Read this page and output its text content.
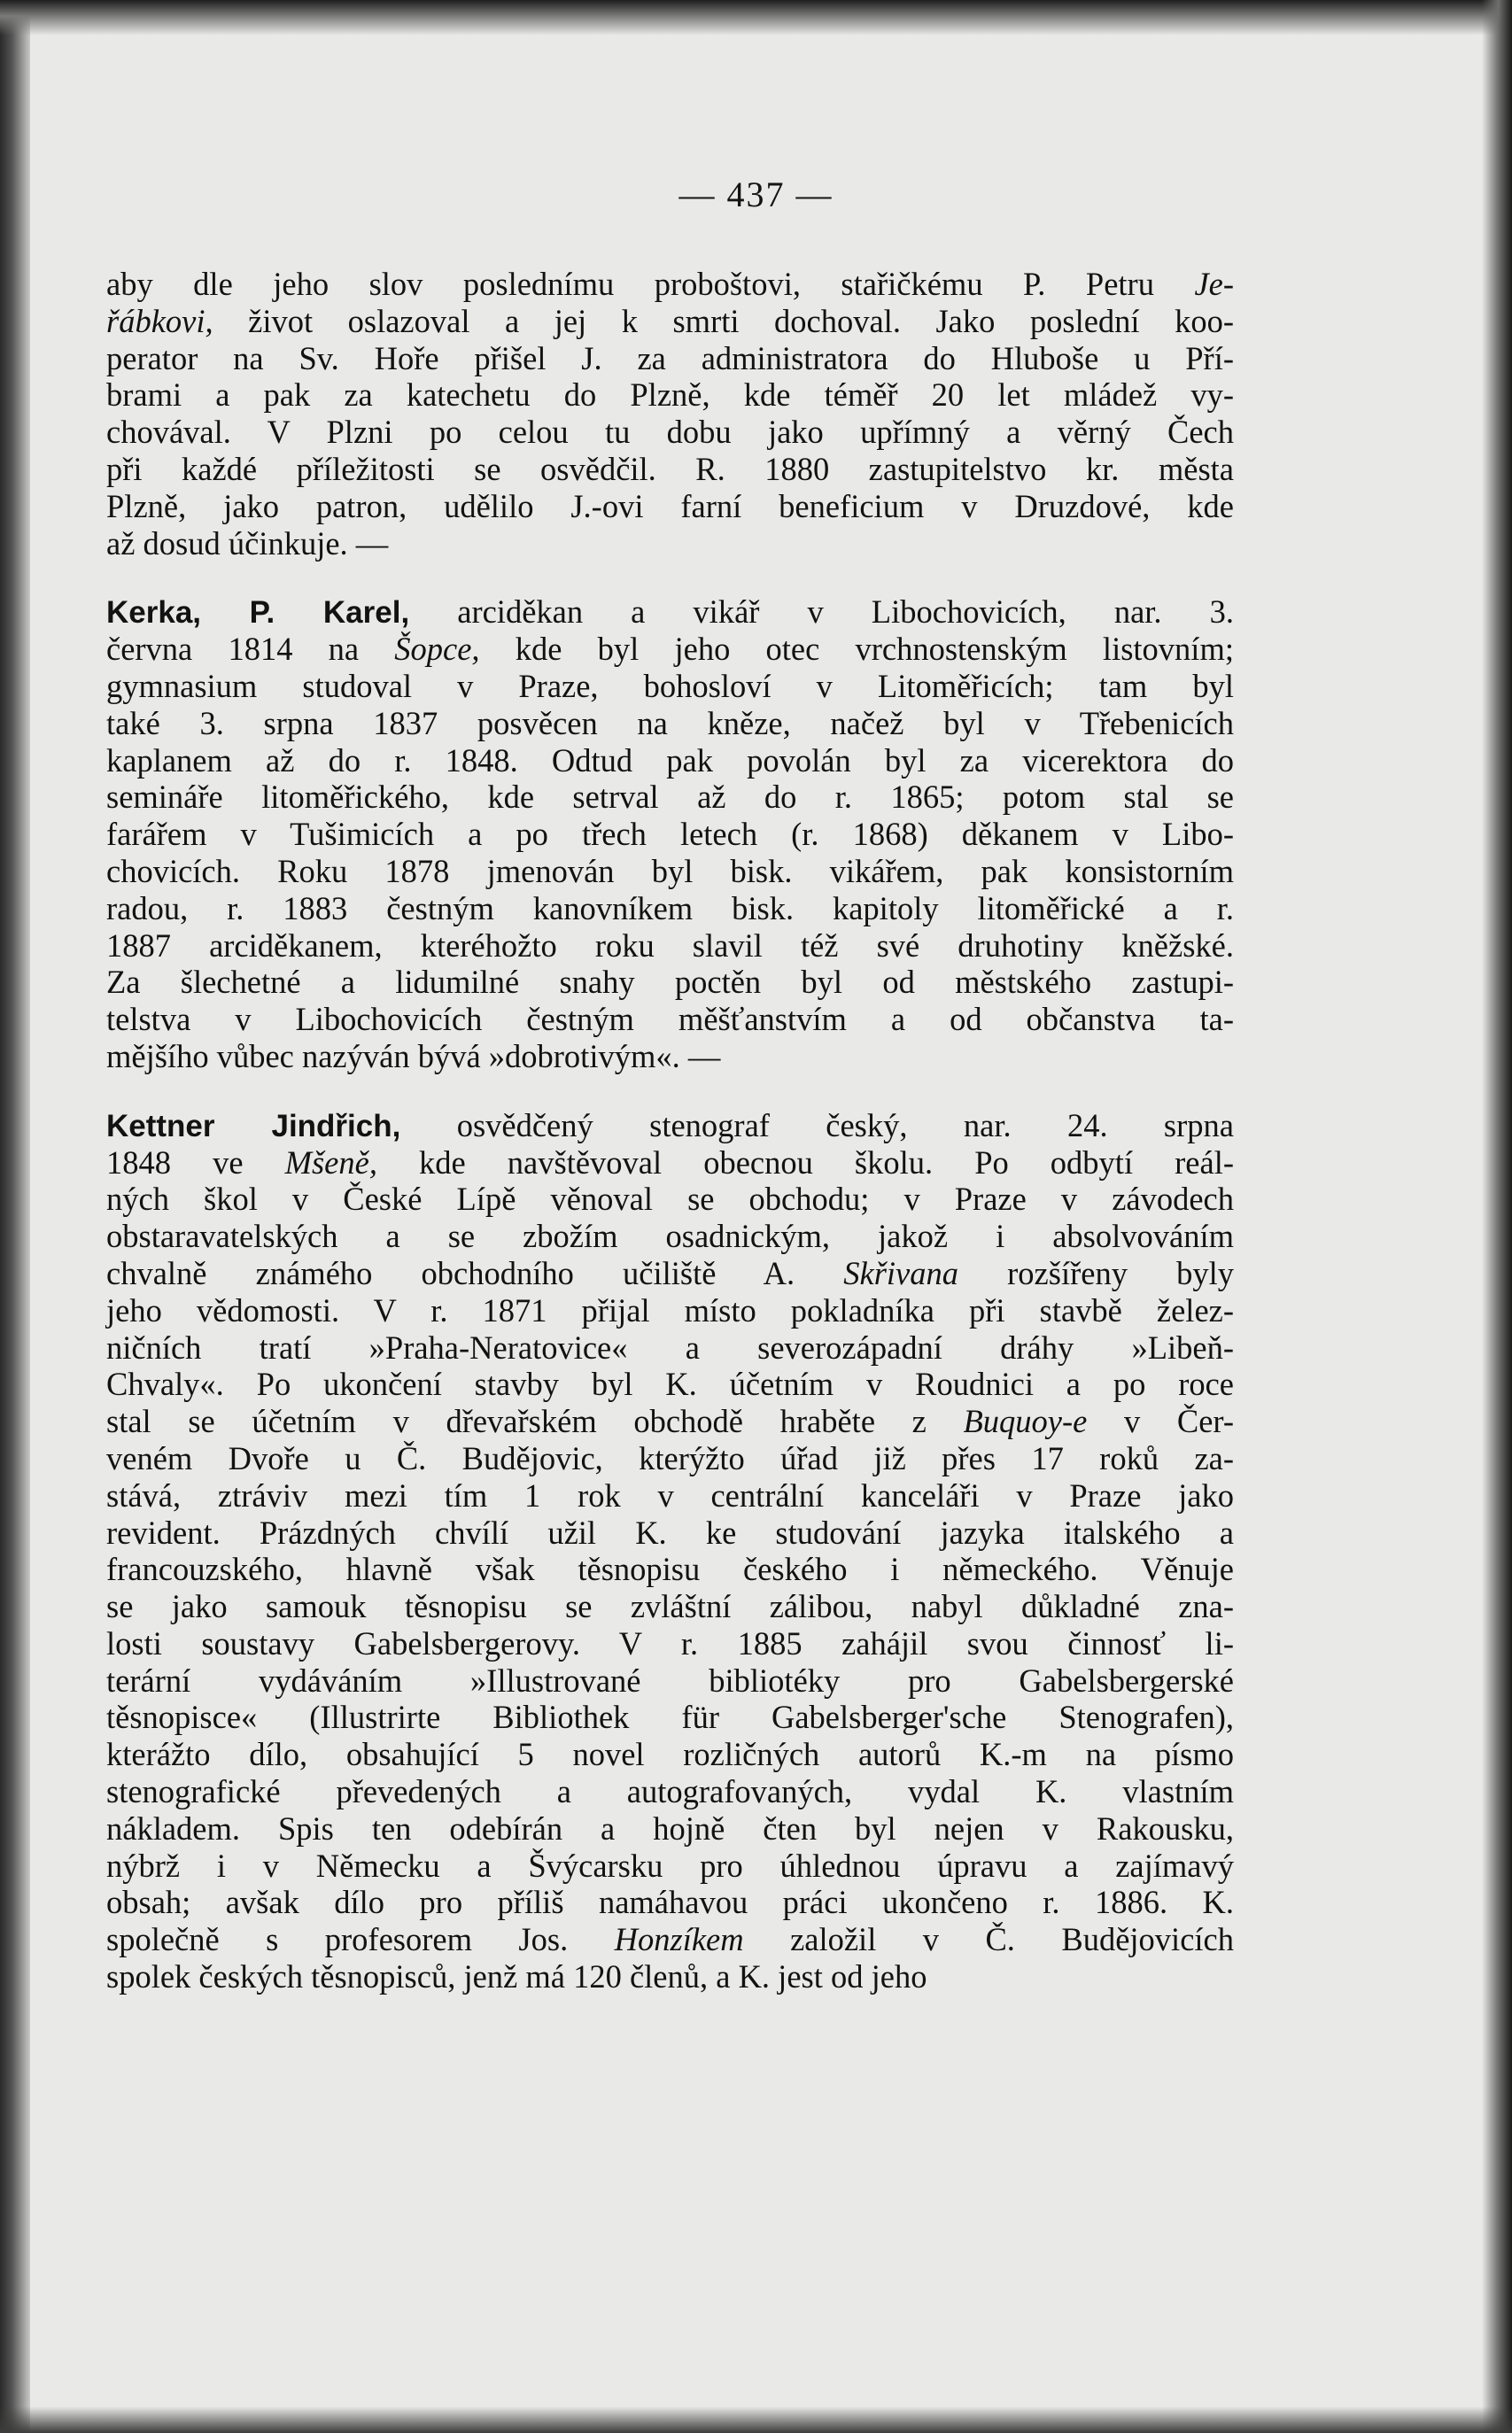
— 437 —
aby dle jeho slov poslednímu proboštovi, stařičkému P. Petru Je-
řábkovi, život oslazoval a jej k smrti dochoval. Jako poslední koo-
perator na Sv. Hoře přišel J. za administratora do Hluboše u Pří-
brami a pak za katechetu do Plzně, kde téměř 20 let mládež vy-
chovával. V Plzni po celou tu dobu jako upřímný a věrný Čech
při každé příležitosti se osvědčil. R. 1880 zastupitelstvo kr. města
Plzně, jako patron, udělilo J.-ovi farní beneficium v Druzdové, kde
až dosud účinkuje. —
Kerka, P. Karel, arciděkan a vikář v Libochovicích, nar. 3.
června 1814 na Šopce, kde byl jeho otec vrchnostenským listovním;
gymnasium studoval v Praze, bohosloví v Litoměřicích; tam byl
také 3. srpna 1837 posvěcen na kněze, načež byl v Třebenicích
kaplanem až do r. 1848. Odtud pak povolán byl za vicerektora do
semináře litoměřického, kde setrval až do r. 1865; potom stal se
farářem v Tušimicích a po třech letech (r. 1868) děkanem v Libo-
chovicích. Roku 1878 jmenován byl bisk. vikářem, pak konsistorním
radou, r. 1883 čestným kanovníkem bisk. kapitoly litoměřické a r.
1887 arciděkanem, kteréhožto roku slavil též své druhotiny kněžské.
Za šlechetné a lidumilné snahy poctěn byl od městského zastupi-
telstva v Libochovicích čestným měšťanstvím a od občanstva ta-
mějšího vůbec nazýván bývá »dobrotivým«. —
Kettner Jindřich, osvědčený stenograf český, nar. 24. srpna
1848 ve Mšeně, kde navštěvoval obecnou školu. Po odbytí reál-
ných škol v České Lípě věnoval se obchodu; v Praze v závodech
obstaravatelských a se zbožím osadnickým, jakož i absolvováním
chvalně známého obchodního učiliště A. Skřivana rozšířeny byly
jeho vědomosti. V r. 1871 přijal místo pokladníka při stavbě želez-
ničních tratí »Praha-Neratovice« a severozápadní dráhy »Libeň-
Chvaly«. Po ukončení stavby byl K. účetním v Roudnici a po roce
stal se účetním v dřevařském obchodě hraběte z Buquoy-e v Čer-
veném Dvoře u Č. Budějovic, kterýžto úřad již přes 17 roků za-
stává, ztráviv mezi tím 1 rok v centrální kanceláři v Praze jako
revident. Prázdných chvílí užil K. ke studování jazyka italského a
francouzského, hlavně však těsnopisu českého i německého. Věnuje
se jako samouk těsnopisu se zvláštní zálibou, nabyl důkladné zna-
losti soustavy Gabelsbergerovy. V r. 1885 zahájil svou činnosť li-
terární vydáváním »Illustrované bibliotéky pro Gabelsbergerské
těsnopisce« (Illustrirte Bibliothek für Gabelsberger'sche Stenografen),
kterážto dílo, obsahující 5 novel rozličných autorů K.-m na písmo
stenografické převedených a autografovaných, vydal K. vlastním
nákladem. Spis ten odebírán a hojně čten byl nejen v Rakousku,
nýbrž i v Německu a Švýcarsku pro úhlednou úpravu a zajímavý
obsah; avšak dílo pro příliš namáhavou práci ukončeno r. 1886. K.
společně s profesorem Jos. Honzíkem založil v Č. Budějovicích
spolek českých těsnopisců, jenž má 120 členů, a K. jest od jeho
